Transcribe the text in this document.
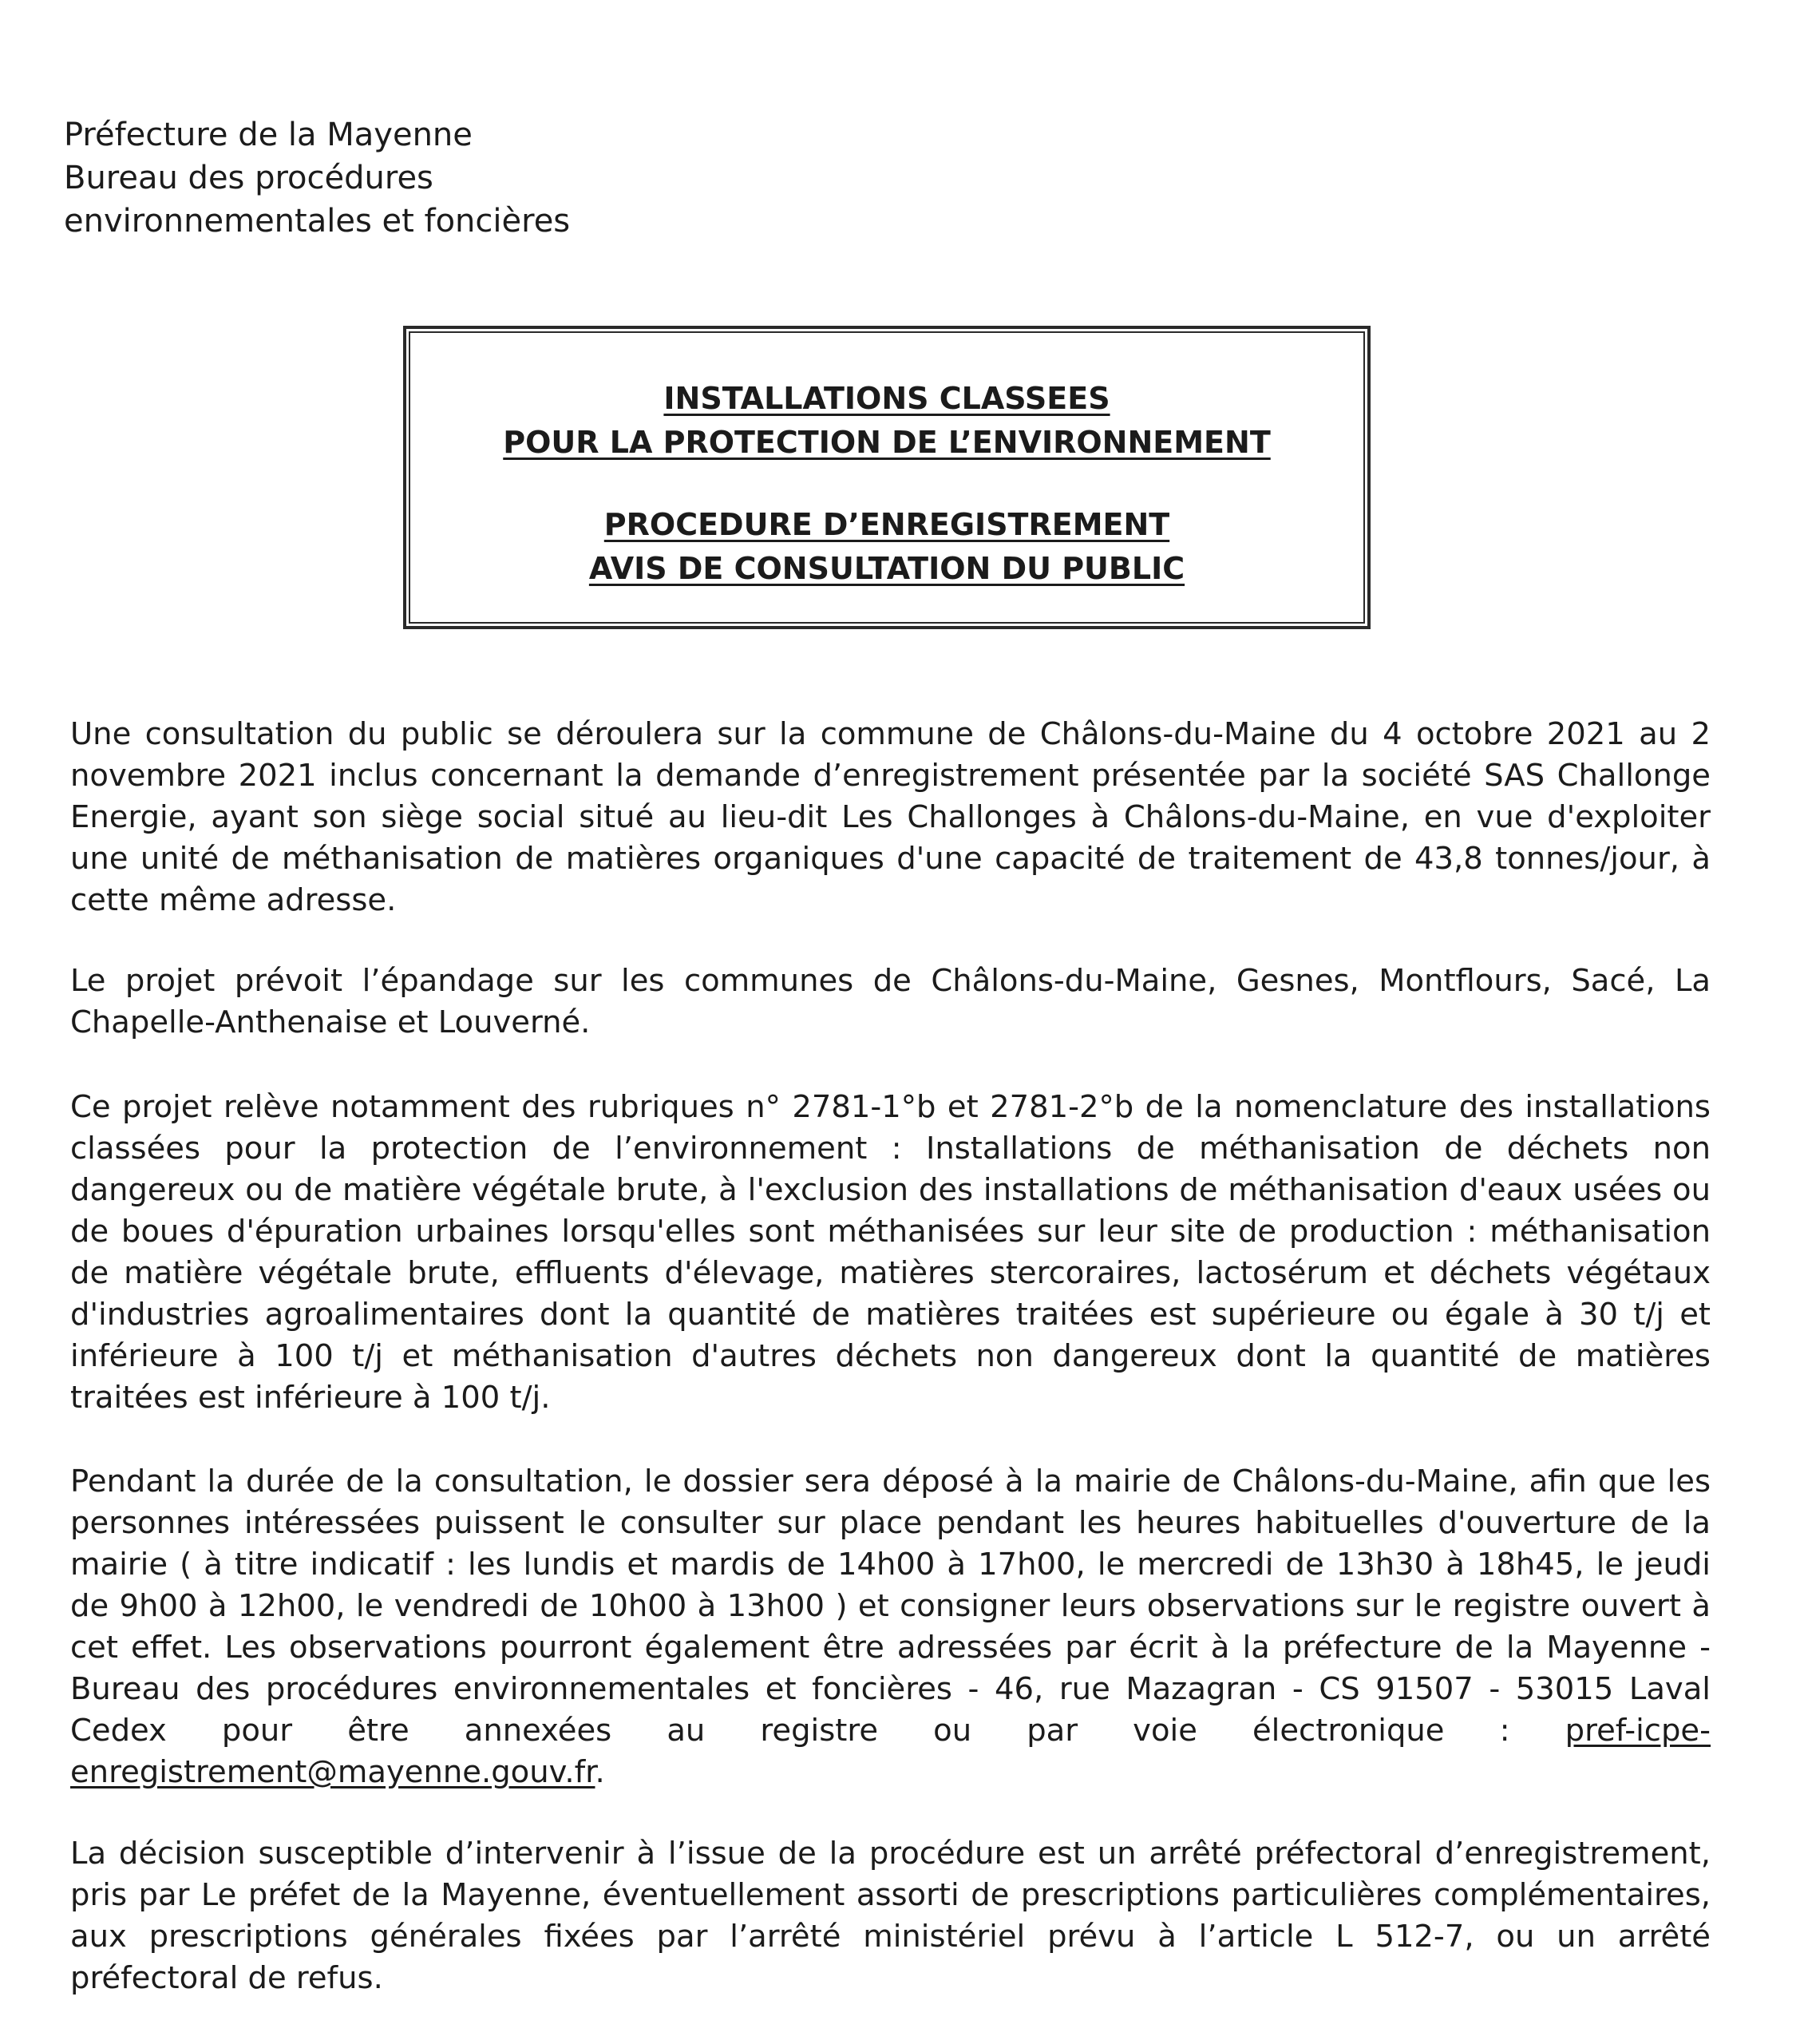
Préfecture de la Mayenne
Bureau des procédures
environnementales et foncières
INSTALLATIONS CLASSEES
POUR LA PROTECTION DE L’ENVIRONNEMENT
PROCEDURE D’ENREGISTREMENT
AVIS DE CONSULTATION DU PUBLIC

Une consultation du public se déroulera sur la commune de Châlons-du-Maine du 4 octobre 2021 au 2 novembre 2021 inclus concernant la demande d’enregistrement présentée par la société SAS Challonge Energie, ayant son siège social situé au lieu-dit Les Challonges à Châlons-du-Maine, en vue d'exploiter une unité de méthanisation de matières organiques d'une capacité de traitement de 43,8 tonnes/jour, à cette même adresse.

Le projet prévoit l’épandage sur les communes de Châlons-du-Maine, Gesnes, Montflours, Sacé, La Chapelle-Anthenaise et Louverné.

Ce projet relève notamment des rubriques n° 2781-1°b et 2781-2°b de la nomenclature des installations classées pour la protection de l’environnement : Installations de méthanisation de déchets non dangereux ou de matière végétale brute, à l'exclusion des installations de méthanisation d'eaux usées ou de boues d'épuration urbaines lorsqu'elles sont méthanisées sur leur site de production : méthanisation de matière végétale brute, effluents d'élevage, matières stercoraires, lactosérum et déchets végétaux d'industries agroalimentaires dont la quantité de matières traitées est supérieure ou égale à 30 t/j et inférieure à 100 t/j et méthanisation d'autres déchets non dangereux dont la quantité de matières traitées est inférieure à 100 t/j.

Pendant la durée de la consultation, le dossier sera déposé à la mairie de Châlons-du-Maine, afin que les personnes intéressées puissent le consulter sur place pendant les heures habituelles d'ouverture de la mairie ( à titre indicatif : les lundis et mardis de 14h00 à 17h00, le mercredi de 13h30 à 18h45, le jeudi de 9h00 à 12h00, le vendredi de 10h00 à 13h00 ) et consigner leurs observations sur le registre ouvert à cet effet. Les observations pourront également être adressées par écrit à la préfecture de la Mayenne - Bureau des procédures environnementales et foncières - 46, rue Mazagran - CS 91507 - 53015 Laval Cedex pour être annexées au registre ou par voie électronique : pref-icpe-enregistrement@mayenne.gouv.fr.

La décision susceptible d’intervenir à l’issue de la procédure est un arrêté préfectoral d’enregistrement, pris par Le préfet de la Mayenne, éventuellement assorti de prescriptions particulières complémentaires, aux prescriptions générales fixées par l’arrêté ministériel prévu à l’article L 512-7, ou un arrêté préfectoral de refus.
